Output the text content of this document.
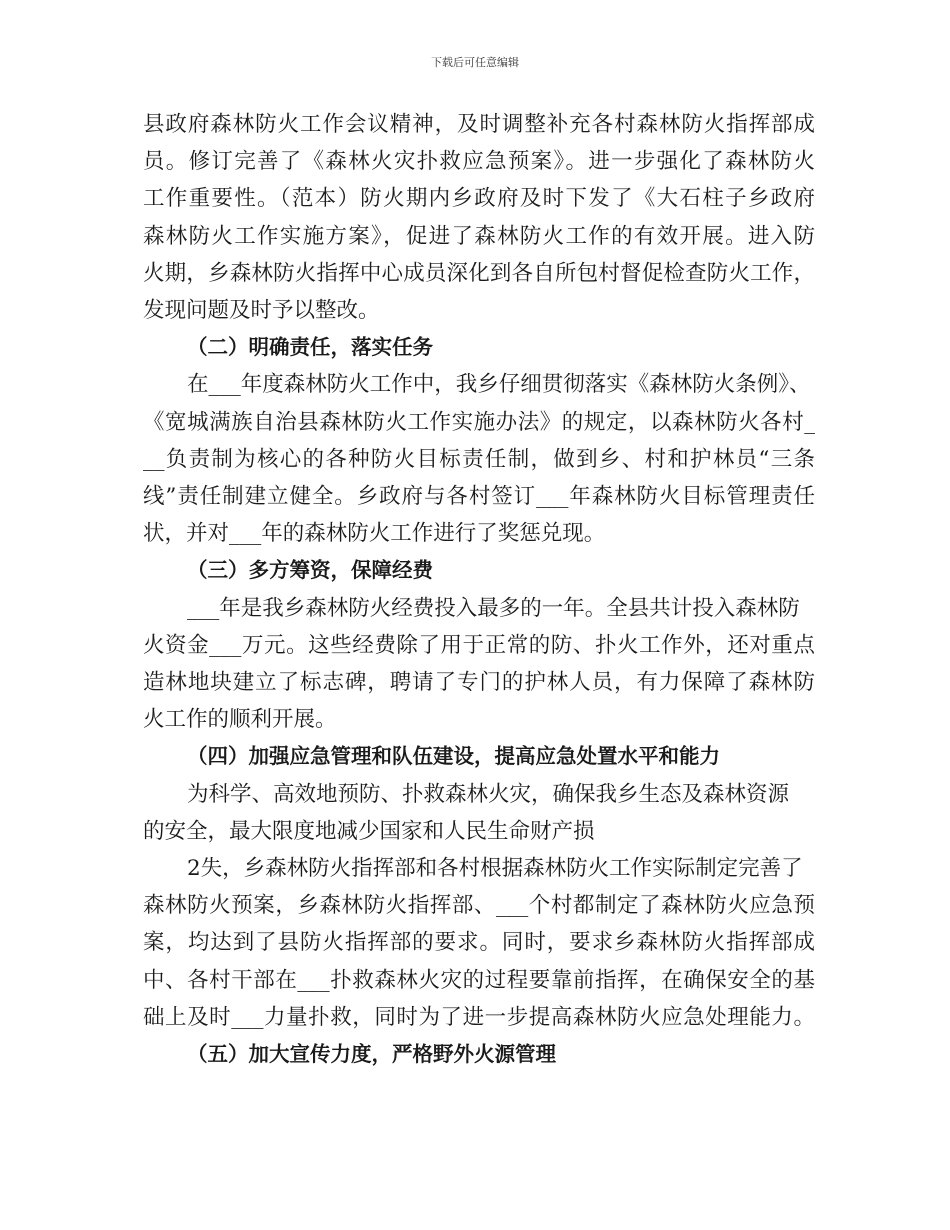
下载后可任意编辑
县政府森林防火工作会议精神，及时调整补充各村森林防火指挥部成
员。修订完善了《森林火灾扑救应急预案》。进一步强化了森林防火
工作重要性。（范本）防火期内乡政府及时下发了《大石柱子乡政府
森林防火工作实施方案》，促进了森林防火工作的有效开展。进入防
火期，乡森林防火指挥中心成员深化到各自所包村督促检查防火工作，
发现问题及时予以整改。
（二）明确责任，落实任务
在___年度森林防火工作中，我乡仔细贯彻落实《森林防火条例》、
《宽城满族自治县森林防火工作实施办法》的规定，以森林防火各村_
__负责制为核心的各种防火目标责任制，做到乡、村和护林员“三条
线”责任制建立健全。乡政府与各村签订___年森林防火目标管理责任
状，并对___年的森林防火工作进行了奖惩兑现。
（三）多方筹资，保障经费
___年是我乡森林防火经费投入最多的一年。全县共计投入森林防
火资金___万元。这些经费除了用于正常的防、扑火工作外，还对重点
造林地块建立了标志碑，聘请了专门的护林人员，有力保障了森林防
火工作的顺利开展。
（四）加强应急管理和队伍建设，提高应急处置水平和能力
为科学、高效地预防、扑救森林火灾，确保我乡生态及森林资源
的安全，最大限度地减少国家和人民生命财产损
2失，乡森林防火指挥部和各村根据森林防火工作实际制定完善了
森林防火预案，乡森林防火指挥部、___个村都制定了森林防火应急预
案，均达到了县防火指挥部的要求。同时，要求乡森林防火指挥部成
中、各村干部在___扑救森林火灾的过程要靠前指挥，在确保安全的基
础上及时___力量扑救，同时为了进一步提高森林防火应急处理能力。
（五）加大宣传力度，严格野外火源管理
